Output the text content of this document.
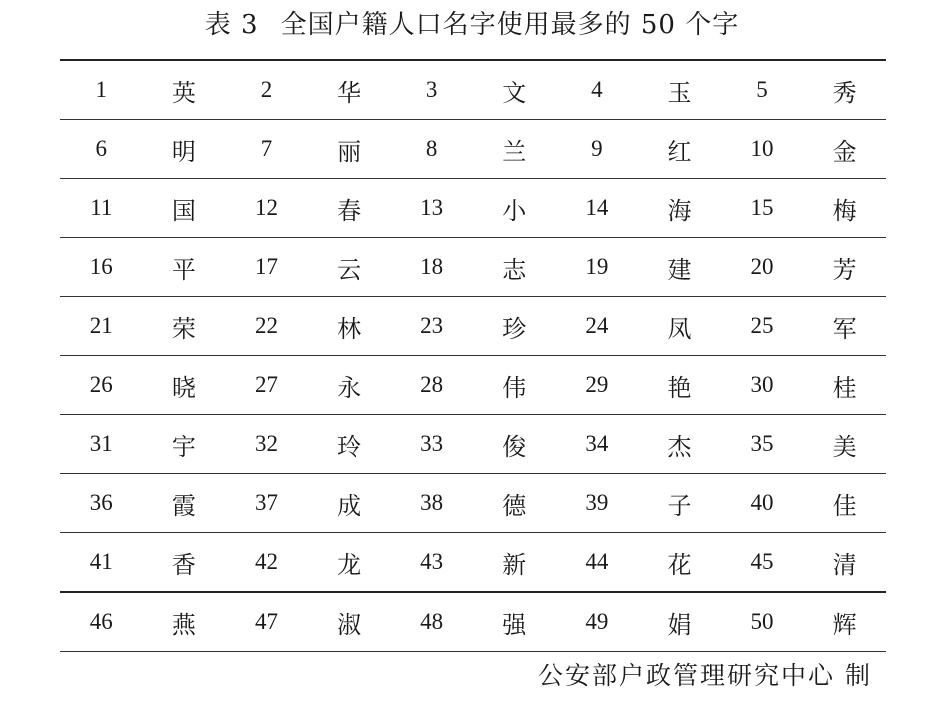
表 3 全国户籍人口名字使用最多的 50 个字
1	英	2	华	3	文	4	玉	5	秀
6	明	7	丽	8	兰	9	红	10	金
11	国	12	春	13	小	14	海	15	梅
16	平	17	云	18	志	19	建	20	芳
21	荣	22	林	23	珍	24	凤	25	军
26	晓	27	永	28	伟	29	艳	30	桂
31	宇	32	玲	33	俊	34	杰	35	美
36	霞	37	成	38	德	39	子	40	佳
41	香	42	龙	43	新	44	花	45	清
46	燕	47	淑	48	强	49	娟	50	辉
公安部户政管理研究中心 制
